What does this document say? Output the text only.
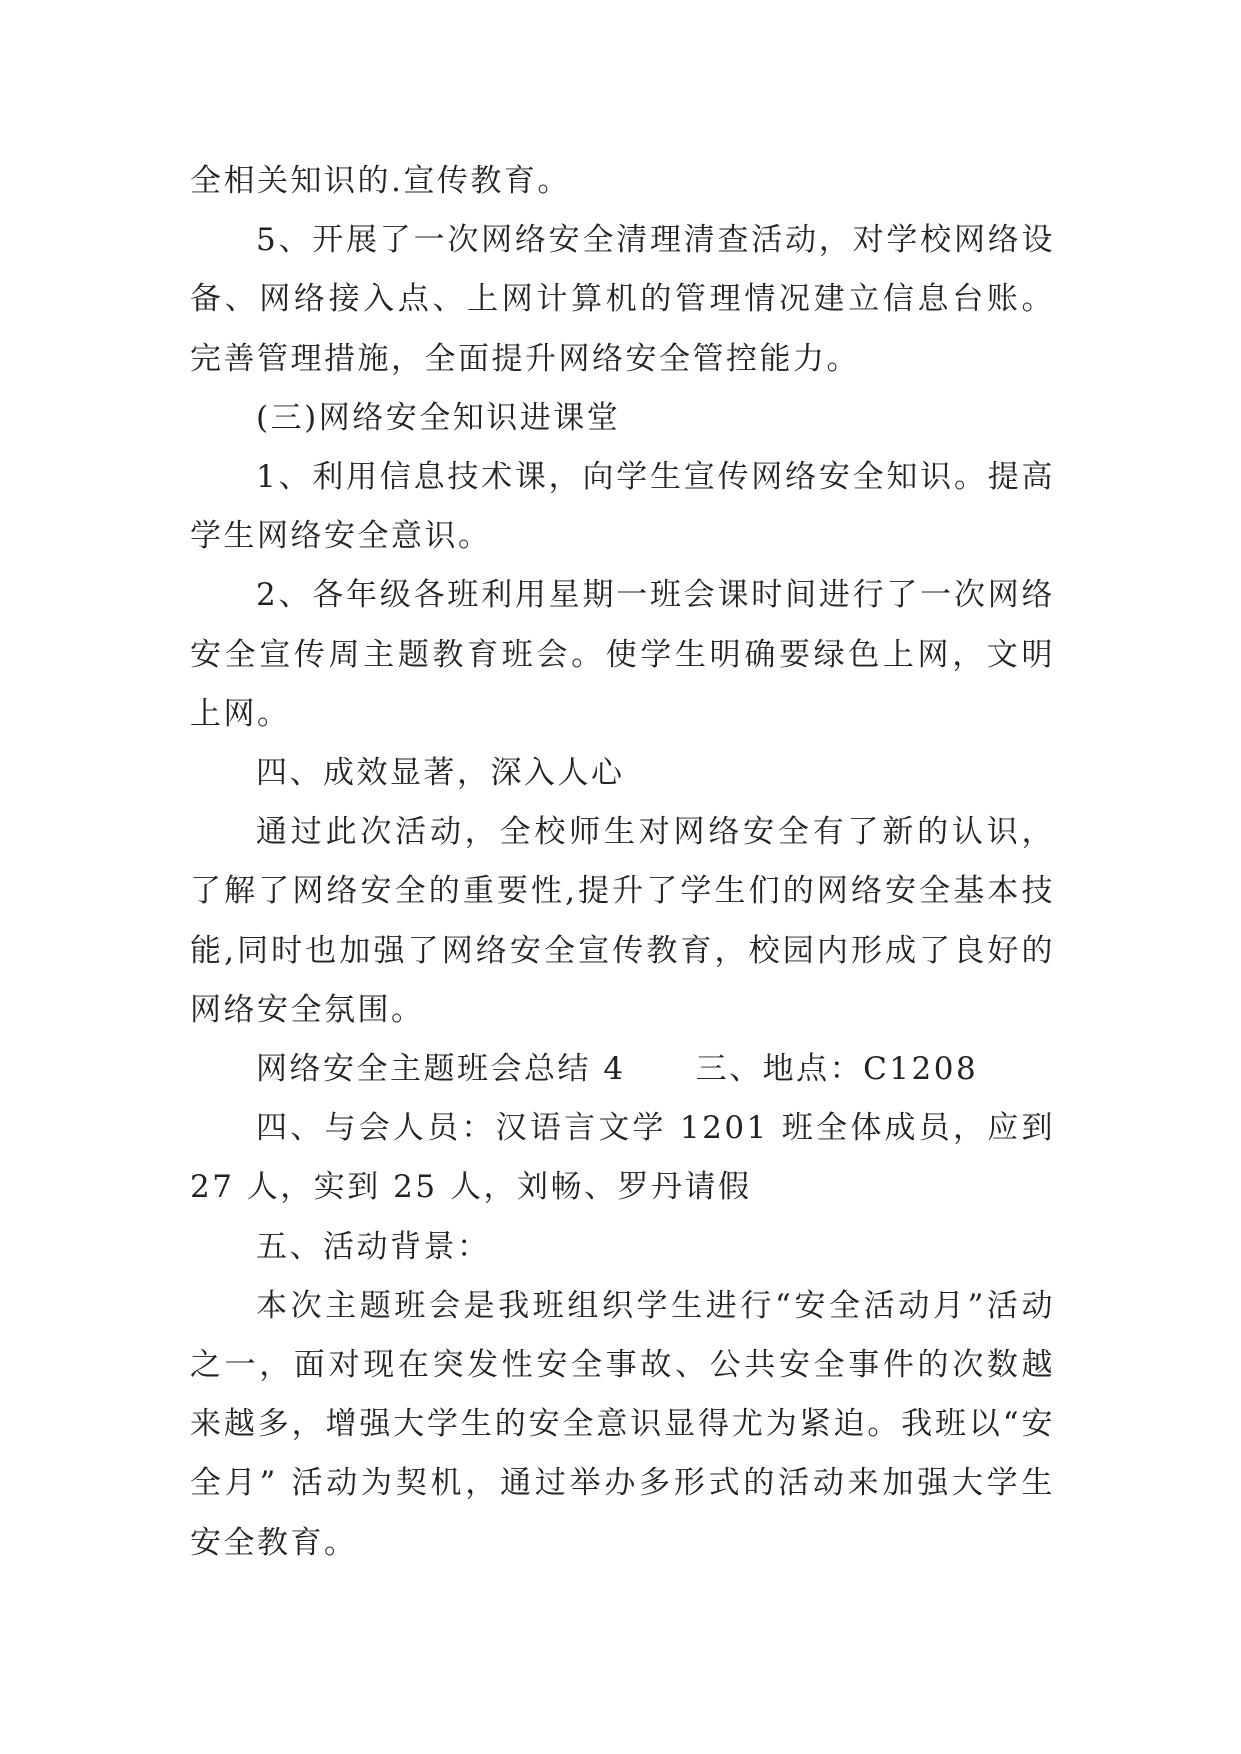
全相关知识的.宣传教育。

5、开展了一次网络安全清理清查活动，对学校网络设备、网络接入点、上网计算机的管理情况建立信息台账。完善管理措施，全面提升网络安全管控能力。

(三)网络安全知识进课堂

1、利用信息技术课，向学生宣传网络安全知识。提高学生网络安全意识。

2、各年级各班利用星期一班会课时间进行了一次网络安全宣传周主题教育班会。使学生明确要绿色上网，文明上网。

四、成效显著，深入人心

通过此次活动，全校师生对网络安全有了新的认识，了解了网络安全的重要性,提升了学生们的网络安全基本技能,同时也加强了网络安全宣传教育，校园内形成了良好的网络安全氛围。

网络安全主题班会总结 4 三、地点：C1208

四、与会人员：汉语言文学 1201 班全体成员，应到 27 人，实到 25 人，刘畅、罗丹请假

五、活动背景：

本次主题班会是我班组织学生进行“安全活动月”活动之一，面对现在突发性安全事故、公共安全事件的次数越来越多，增强大学生的安全意识显得尤为紧迫。我班以“安全月” 活动为契机，通过举办多形式的活动来加强大学生安全教育。
